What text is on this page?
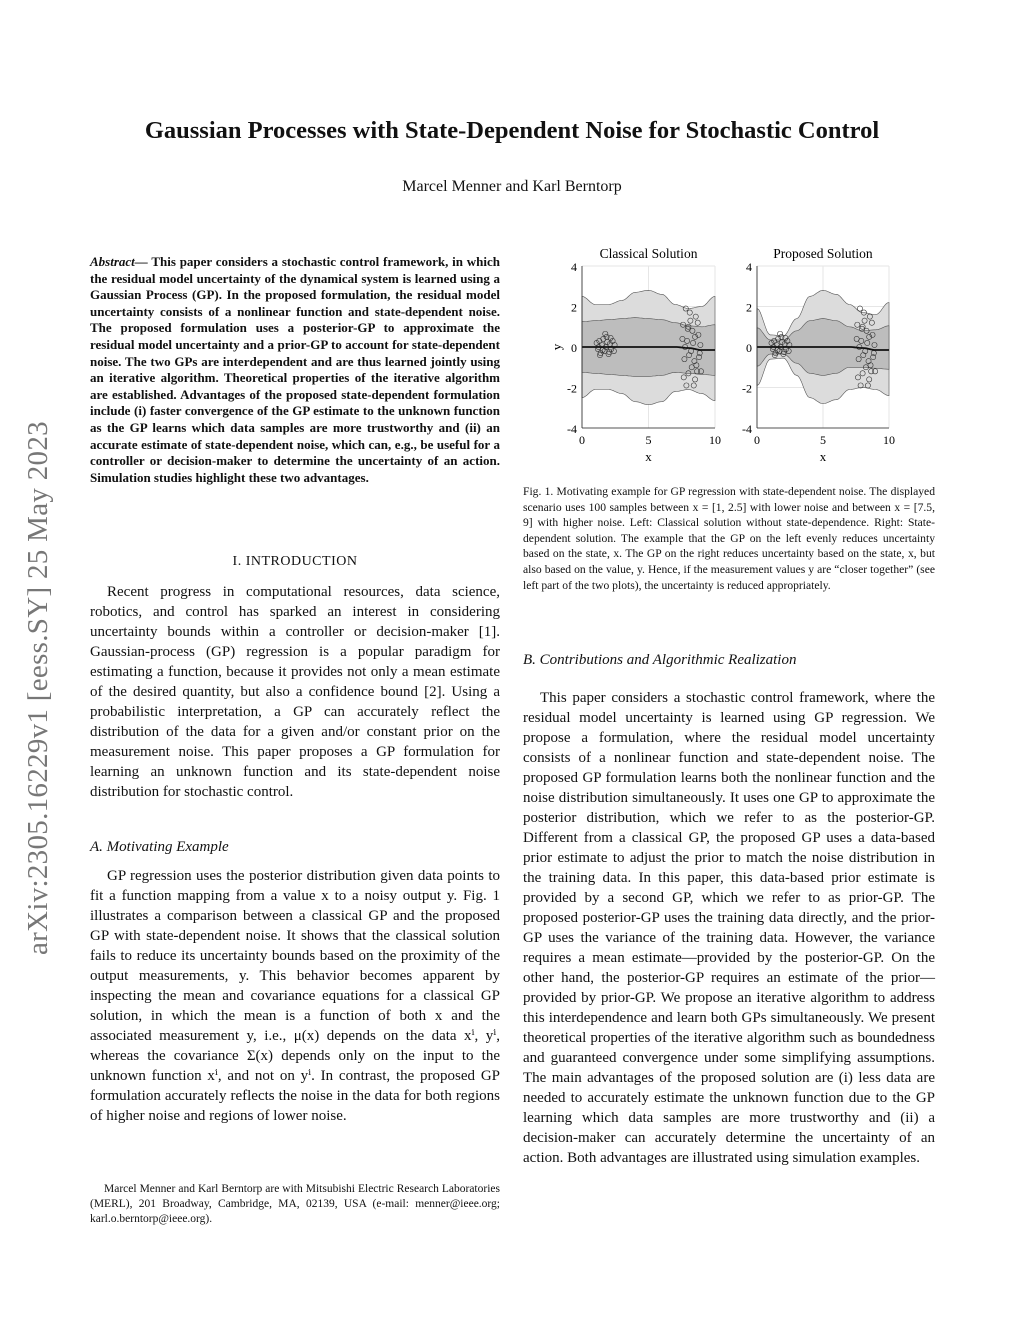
arXiv:2305.16229v1 [eess.SY] 25 May 2023
Gaussian Processes with State-Dependent Noise for Stochastic Control
Marcel Menner and Karl Berntorp
Abstract— This paper considers a stochastic control framework, in which the residual model uncertainty of the dynamical system is learned using a Gaussian Process (GP). In the proposed formulation, the residual model uncertainty consists of a nonlinear function and state-dependent noise. The proposed formulation uses a posterior-GP to approximate the residual model uncertainty and a prior-GP to account for state-dependent noise. The two GPs are interdependent and are thus learned jointly using an iterative algorithm. Theoretical properties of the iterative algorithm are established. Advantages of the proposed state-dependent formulation include (i) faster convergence of the GP estimate to the unknown function as the GP learns which data samples are more trustworthy and (ii) an accurate estimate of state-dependent noise, which can, e.g., be useful for a controller or decision-maker to determine the uncertainty of an action. Simulation studies highlight these two advantages.
I. INTRODUCTION
Recent progress in computational resources, data science, robotics, and control has sparked an interest in considering uncertainty bounds within a controller or decision-maker [1]. Gaussian-process (GP) regression is a popular paradigm for estimating a function, because it provides not only a mean estimate of the desired quantity, but also a confidence bound [2]. Using a probabilistic interpretation, a GP can accurately reflect the distribution of the data for a given and/or constant prior on the measurement noise. This paper proposes a GP formulation for learning an unknown function and its state-dependent noise distribution for stochastic control.
A. Motivating Example
GP regression uses the posterior distribution given data points to fit a function mapping from a value x to a noisy output y. Fig. 1 illustrates a comparison between a classical GP and the proposed GP with state-dependent noise. It shows that the classical solution fails to reduce its uncertainty bounds based on the proximity of the output measurements, y. This behavior becomes apparent by inspecting the mean and covariance equations for a classical GP solution, in which the mean is a function of both x and the associated measurement y, i.e., μ(x) depends on the data xⁱ, yⁱ, whereas the covariance Σ(x) depends only on the input to the unknown function xⁱ, and not on yⁱ. In contrast, the proposed GP formulation accurately reflects the noise in the data for both regions of higher noise and regions of lower noise.
Marcel Menner and Karl Berntorp are with Mitsubishi Electric Research Laboratories (MERL), 201 Broadway, Cambridge, MA, 02139, USA (e-mail: menner@ieee.org; karl.o.berntorp@ieee.org).
Classical Solution
4
2
0
-2
-4
0	5	10
x
y
Proposed Solution
4
2
0
-2
-4
0	5	10
x
Fig. 1. Motivating example for GP regression with state-dependent noise. The displayed scenario uses 100 samples between x = [1, 2.5] with lower noise and between x = [7.5, 9] with higher noise. Left: Classical solution without state-dependence. Right: State-dependent solution. The example that the GP on the left evenly reduces uncertainty based on the state, x. The GP on the right reduces uncertainty based on the state, x, but also based on the value, y. Hence, if the measurement values y are “closer together” (see left part of the two plots), the uncertainty is reduced appropriately.
B. Contributions and Algorithmic Realization
This paper considers a stochastic control framework, where the residual model uncertainty is learned using GP regression. We propose a formulation, where the residual model uncertainty consists of a nonlinear function and state-dependent noise. The proposed GP formulation learns both the nonlinear function and the noise distribution simultaneously. It uses one GP to approximate the posterior distribution, which we refer to as the posterior-GP. Different from a classical GP, the proposed GP uses a data-based prior estimate to adjust the prior to match the noise distribution in the training data. In this paper, this data-based prior estimate is provided by a second GP, which we refer to as prior-GP. The proposed posterior-GP uses the training data directly, and the prior-GP uses the variance of the training data. However, the variance requires a mean estimate—provided by the posterior-GP. On the other hand, the posterior-GP requires an estimate of the prior—provided by prior-GP. We propose an iterative algorithm to address this interdependence and learn both GPs simultaneously. We present theoretical properties of the iterative algorithm such as boundedness and guaranteed convergence under some simplifying assumptions. The main advantages of the proposed solution are (i) less data are needed to accurately estimate the unknown function due to the GP learning which data samples are more trustworthy and (ii) a decision-maker can accurately determine the uncertainty of an action. Both advantages are illustrated using simulation examples.
